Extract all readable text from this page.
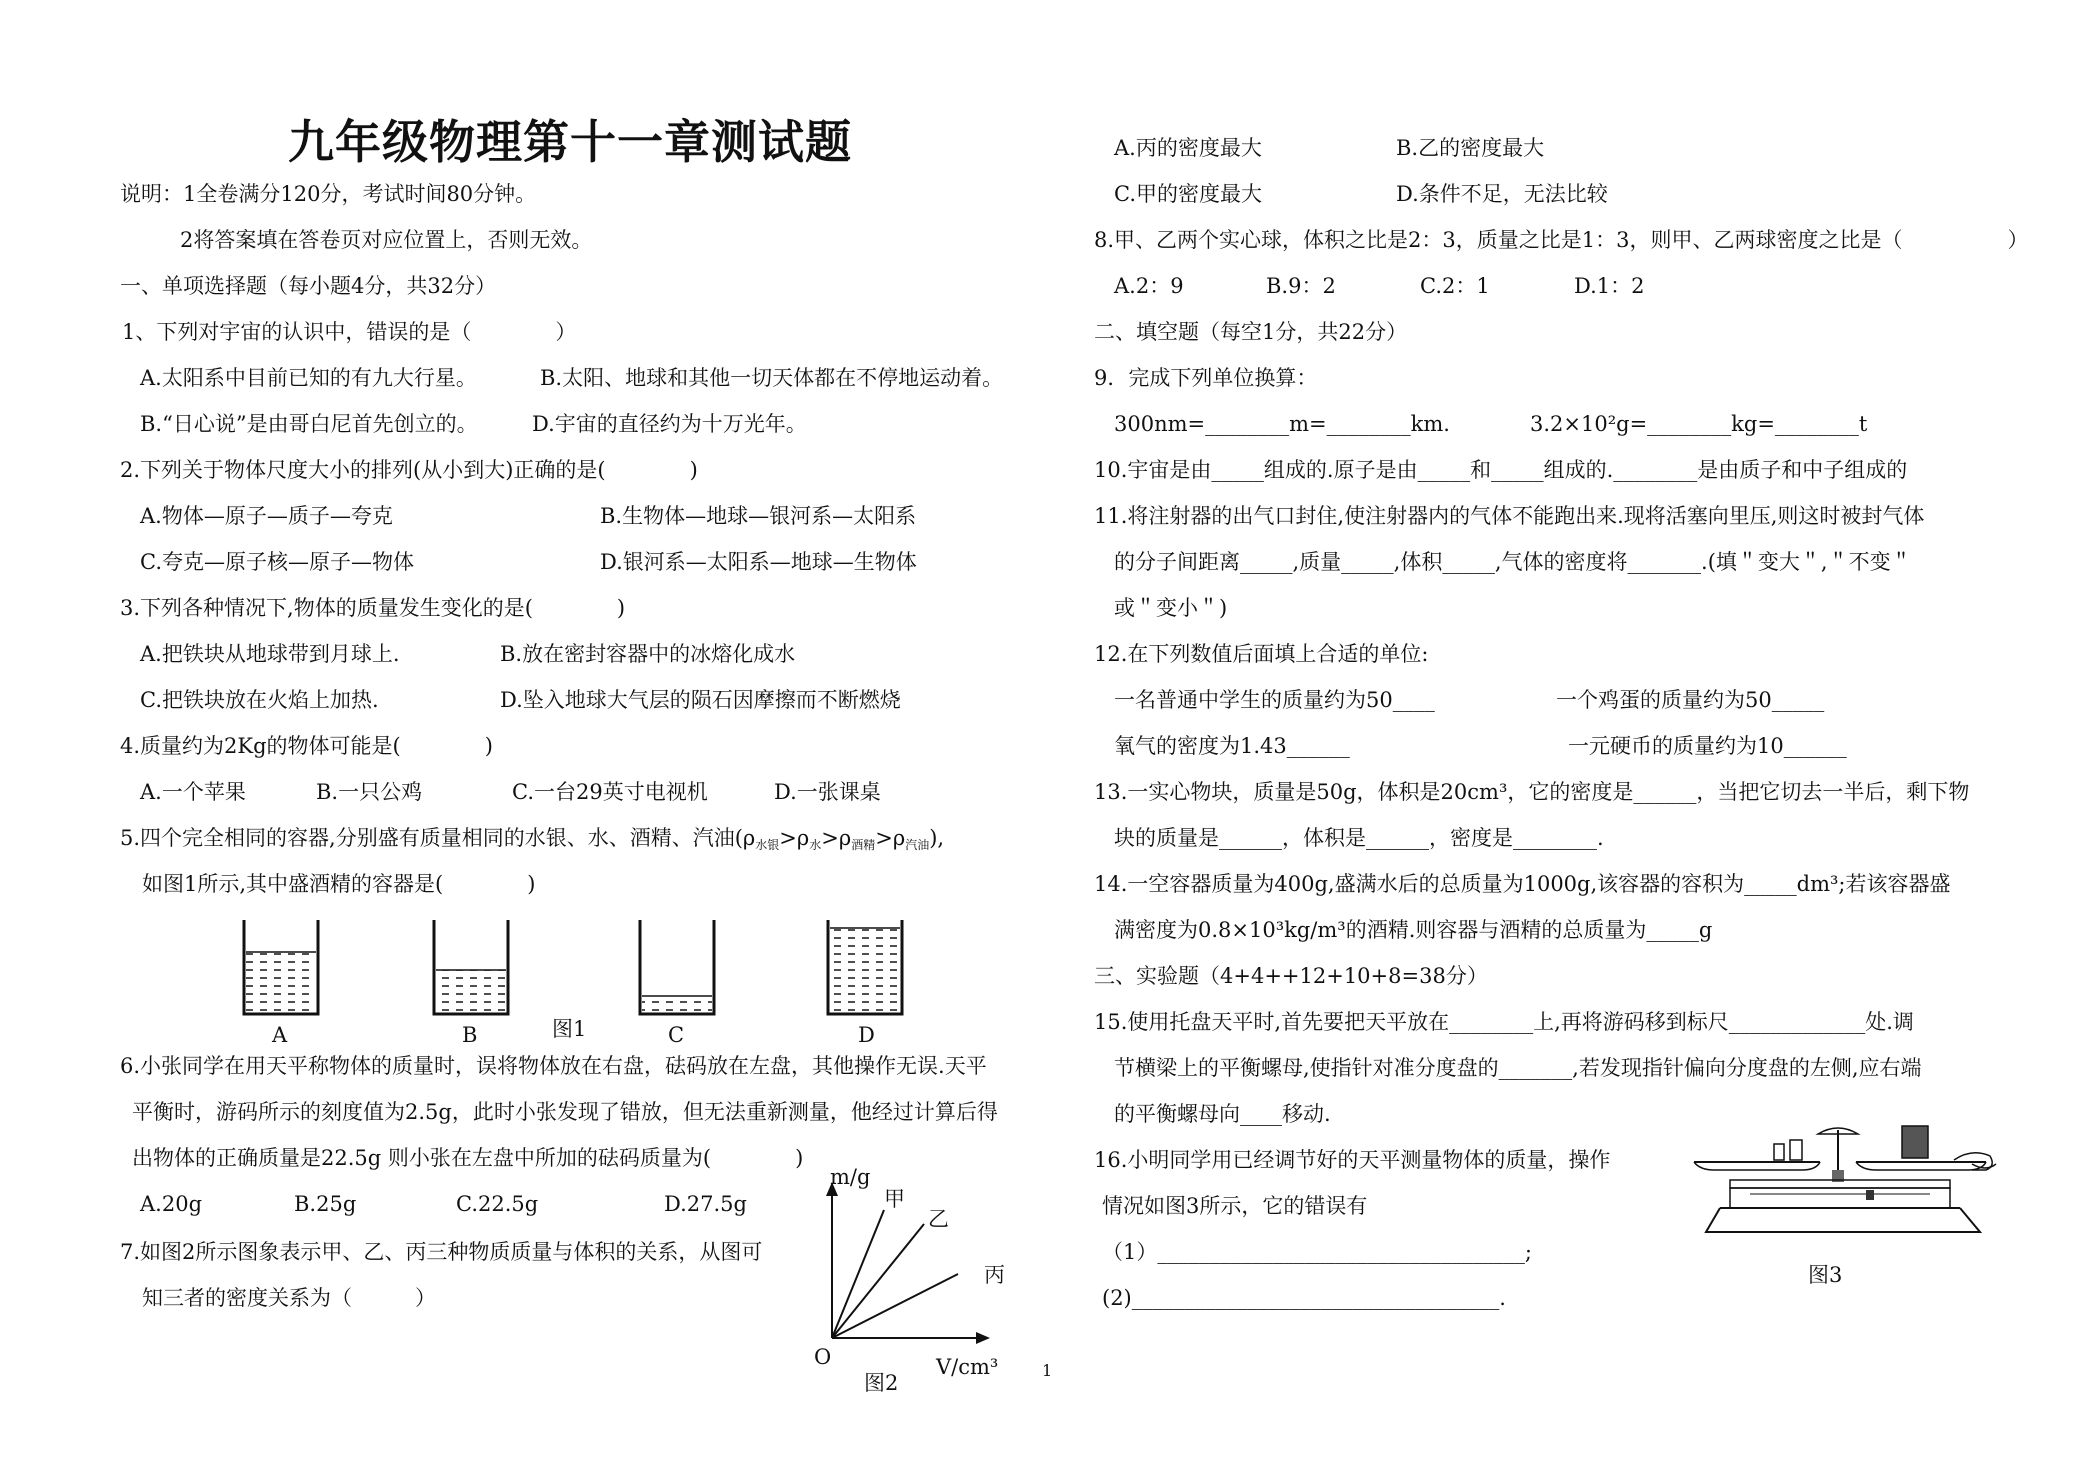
九年级物理第十一章测试题
说明：1全卷满分120分，考试时间80分钟。
2将答案填在答卷页对应位置上，否则无效。
一、单项选择题（每小题4分，共32分）
1、下列对宇宙的认识中，错误的是（　　　　）
A.太阳系中目前已知的有九大行星。	B.太阳、地球和其他一切天体都在不停地运动着。
B.“日心说”是由哥白尼首先创立的。	D.宇宙的直径约为十万光年。
2.下列关于物体尺度大小的排列(从小到大)正确的是(　　　　)
A.物体—原子—质子—夸克	B.生物体—地球—银河系—太阳系
C.夸克—原子核—原子—物体	D.银河系—太阳系—地球—生物体
3.下列各种情况下,物体的质量发生变化的是(　　　　)
A.把铁块从地球带到月球上.	B.放在密封容器中的冰熔化成水
C.把铁块放在火焰上加热.	D.坠入地球大气层的陨石因摩擦而不断燃烧
4.质量约为2Kg的物体可能是(　　　　)
A.一个苹果	B.一只公鸡	C.一台29英寸电视机	D.一张课桌
5.四个完全相同的容器,分别盛有质量相同的水银、水、酒精、汽油$(\rho_{水银}>\rho_水>\rho_{酒精}>\rho_{汽油})$,
如图1所示,其中盛酒精的容器是(　　　　)
A	B	图1	C	D
6.小张同学在用天平称物体的质量时，误将物体放在右盘，砝码放在左盘，其他操作无误.天平
平衡时，游码所示的刻度值为2.5g，此时小张发现了错放，但无法重新测量，他经过计算后得
出物体的正确质量是22.5g 则小张在左盘中所加的砝码质量为(　　　　)
A.20g	B.25g	C.22.5g	D.27.5g
7.如图2所示图象表示甲、乙、丙三种物质质量与体积的关系，从图可
知三者的密度关系为（　　　）
m/g
甲
乙
丙
O	V/cm³
图2
1
A.丙的密度最大	B.乙的密度最大
C.甲的密度最大	D.条件不足，无法比较
8.甲、乙两个实心球，体积之比是2：3，质量之比是1：3，则甲、乙两球密度之比是（　　　　　）
A.2：9	B.9：2	C.2：1	D.1：2
二、填空题（每空1分，共22分）
9．完成下列单位换算：
300nm=________m=________km.	3.2×10²g=________kg=________t
10.宇宙是由_____组成的.原子是由_____和_____组成的.________是由质子和中子组成的
11.将注射器的出气口封住,使注射器内的气体不能跑出来.现将活塞向里压,则这时被封气体
的分子间距离_____,质量_____,体积_____,气体的密度将_______.(填＂变大＂,＂不变＂
或＂变小＂)
12.在下列数值后面填上合适的单位:
一名普通中学生的质量约为50____	一个鸡蛋的质量约为50_____
氧气的密度为1.43______	一元硬币的质量约为10______
13.一实心物块，质量是50g，体积是20cm³，它的密度是______，当把它切去一半后，剩下物
块的质量是______，体积是______，密度是________.
14.一空容器质量为400g,盛满水后的总质量为1000g,该容器的容积为_____dm³;若该容器盛
满密度为0.8×10³kg/m³的酒精.则容器与酒精的总质量为_____g
三、实验题（4+4++12+10+8=38分）
15.使用托盘天平时,首先要把天平放在________上,再将游码移到标尺_____________处.调
节横梁上的平衡螺母,使指针对准分度盘的_______,若发现指针偏向分度盘的左侧,应右端
的平衡螺母向____移动.
16.小明同学用已经调节好的天平测量物体的质量，操作
情况如图3所示，它的错误有
（1）___________________________________;
(2)___________________________________.
图3
